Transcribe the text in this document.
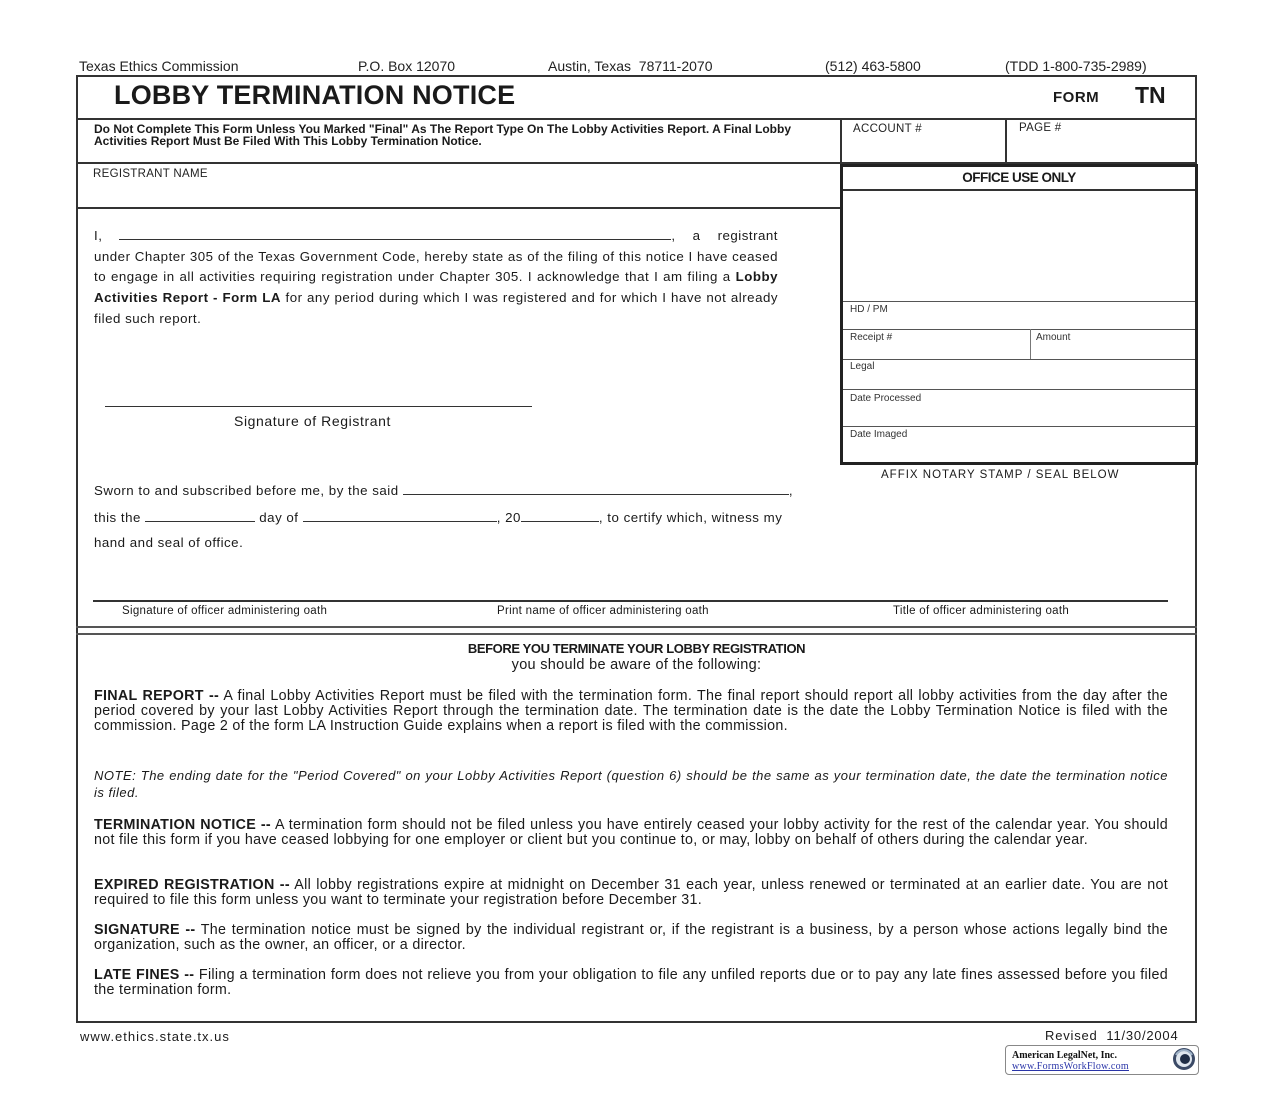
Texas Ethics Commission	P.O. Box 12070	Austin, Texas  78711-2070	(512) 463-5800	(TDD 1-800-735-2989)
LOBBY TERMINATION NOTICE	FORM TN
Do Not Complete This Form Unless You Marked "Final" As The Report Type On The Lobby Activities Report. A Final Lobby Activities Report Must Be Filed With This Lobby Termination Notice.
ACCOUNT #	PAGE #
REGISTRANT NAME	OFFICE USE ONLY
HD / PM
Receipt #	Amount
Legal
Date Processed
Date Imaged
I,	, a registrant under Chapter 305 of the Texas Government Code, hereby state as of the filing of this notice I have ceased to engage in all activities requiring registration under Chapter 305. I acknowledge that I am filing a Lobby Activities Report - Form LA for any period during which I was registered and for which I have not already filed such report.
Signature of Registrant
AFFIX NOTARY STAMP / SEAL BELOW
Sworn to and subscribed before me, by the said	,
this the	day of	, 20	, to certify which, witness my
hand and seal of office.
Signature of officer administering oath	Print name of officer administering oath	Title of officer administering oath
BEFORE YOU TERMINATE YOUR LOBBY REGISTRATION
you should be aware of the following:
FINAL REPORT -- A final Lobby Activities Report must be filed with the termination form. The final report should report all lobby activities from the day after the period covered by your last Lobby Activities Report through the termination date. The termination date is the date the Lobby Termination Notice is filed with the commission. Page 2 of the form LA Instruction Guide explains when a report is filed with the commission.
NOTE: The ending date for the "Period Covered" on your Lobby Activities Report (question 6) should be the same as your termination date, the date the termination notice is filed.
TERMINATION NOTICE -- A termination form should not be filed unless you have entirely ceased your lobby activity for the rest of the calendar year. You should not file this form if you have ceased lobbying for one employer or client but you continue to, or may, lobby on behalf of others during the calendar year.
EXPIRED REGISTRATION -- All lobby registrations expire at midnight on December 31 each year, unless renewed or terminated at an earlier date. You are not required to file this form unless you want to terminate your registration before December 31.
SIGNATURE -- The termination notice must be signed by the individual registrant or, if the registrant is a business, by a person whose actions legally bind the organization, such as the owner, an officer, or a director.
LATE FINES -- Filing a termination form does not relieve you from your obligation to file any unfiled reports due or to pay any late fines assessed before you filed the termination form.
www.ethics.state.tx.us	Revised  11/30/2004
American LegalNet, Inc.
www.FormsWorkFlow.com
